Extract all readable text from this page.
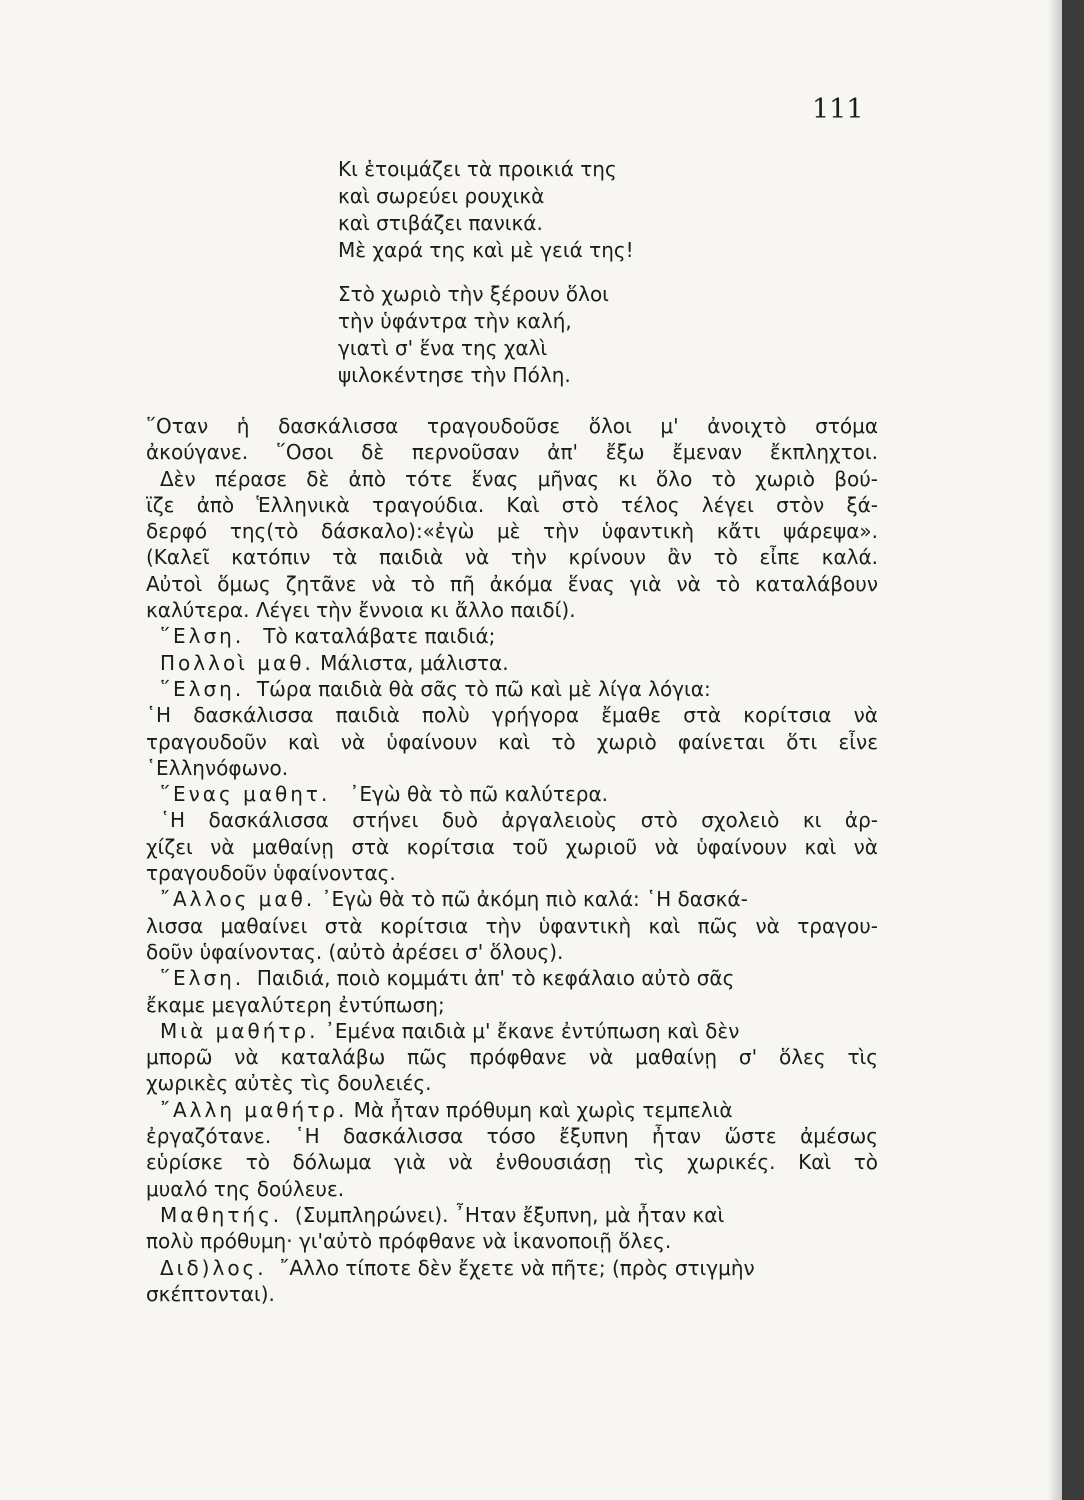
111
Κι ἑτοιμάζει τὰ προικιά της
καὶ σωρεύει ρουχικὰ
καὶ στιβάζει πανικά.
Μὲ χαρά της καὶ μὲ γειά της!
Στὸ χωριὸ τὴν ξέρουν ὅλοι
τὴν ὑφάντρα τὴν καλή,
γιατὶ σ' ἕνα της χαλὶ
ψιλοκέντησε τὴν Πόλη.
῞Οταν ἡ δασκάλισσα τραγουδοῦσε ὅλοι μ' ἀνοιχτὸ στόμα
ἀκούγανε. ῞Οσοι δὲ περνοῦσαν ἀπ' ἔξω ἔμεναν ἔκπληχτοι.
Δὲν πέρασε δὲ ἀπὸ τότε ἕνας μῆνας κι ὅλο τὸ χωριὸ βού-
ϊζε ἀπὸ Ἑλληνικὰ τραγούδια. Καὶ στὸ τέλος λέγει στὸν ξά-
δερφό της(τὸ δάσκαλο):«ἐγὼ μὲ τὴν ὑφαντικὴ κἄτι ψάρεψα».
(Καλεῖ κατόπιν τὰ παιδιὰ νὰ τὴν κρίνουν ἂν τὸ εἶπε καλά.
Αὐτοὶ ὅμως ζητᾶνε νὰ τὸ πῆ ἀκόμα ἕνας γιὰ νὰ τὸ καταλάβουν
καλύτερα. Λέγει τὴν ἔννοια κι ἄλλο παιδί).
῞Ελση. Τὸ καταλάβατε παιδιά;
Πολλοὶ μαθ. Μάλιστα, μάλιστα.
῞Ελση. Τώρα παιδιὰ θὰ σᾶς τὸ πῶ καὶ μὲ λίγα λόγια:
῾Η δασκάλισσα παιδιὰ πολὺ γρήγορα ἔμαθε στὰ κορίτσια νὰ
τραγουδοῦν καὶ νὰ ὑφαίνουν καὶ τὸ χωριὸ φαίνεται ὅτι εἶνε
῾Ελληνόφωνο.
῞Ενας μαθητ. ᾿Εγὼ θὰ τὸ πῶ καλύτερα.
῾Η δασκάλισσα στήνει δυὸ ἀργαλειοὺς στὸ σχολειὸ κι ἀρ-
χίζει νὰ μαθαίνῃ στὰ κορίτσια τοῦ χωριοῦ νὰ ὑφαίνουν καὶ νὰ
τραγουδοῦν ὑφαίνοντας.
῎Αλλος μαθ. ᾿Εγὼ θὰ τὸ πῶ ἀκόμη πιὸ καλά: ῾Η δασκά-
λισσα μαθαίνει στὰ κορίτσια τὴν ὑφαντικὴ καὶ πῶς νὰ τραγου-
δοῦν ὑφαίνοντας. (αὐτὸ ἀρέσει σ' ὅλους).
῞Ελση. Παιδιά, ποιὸ κομμάτι ἀπ' τὸ κεφάλαιο αὐτὸ σᾶς
ἔκαμε μεγαλύτερη ἐντύπωση;
Μιὰ μαθήτρ. ᾿Εμένα παιδιὰ μ' ἔκανε ἐντύπωση καὶ δὲν
μπορῶ νὰ καταλάβω πῶς πρόφθανε νὰ μαθαίνῃ σ' ὅλες τὶς
χωρικὲς αὐτὲς τὶς δουλειές.
῎Αλλη μαθήτρ. Μὰ ἦταν πρόθυμη καὶ χωρὶς τεμπελιὰ
ἐργαζότανε. ῾Η δασκάλισσα τόσο ἔξυπνη ἦταν ὥστε ἀμέσως
εὑρίσκε τὸ δόλωμα γιὰ νὰ ἐνθουσιάσῃ τὶς χωρικές. Καὶ τὸ
μυαλό της δούλευε.
Μαθητής. (Συμπληρώνει). ῏Ηταν ἔξυπνη, μὰ ἦταν καὶ
πολὺ πρόθυμη· γι'αὐτὸ πρόφθανε νὰ ἱκανοποιῇ ὅλες.
Διδ)λος. ῎Αλλο τίποτε δὲν ἔχετε νὰ πῆτε; (πρὸς στιγμὴν
σκέπτονται).
